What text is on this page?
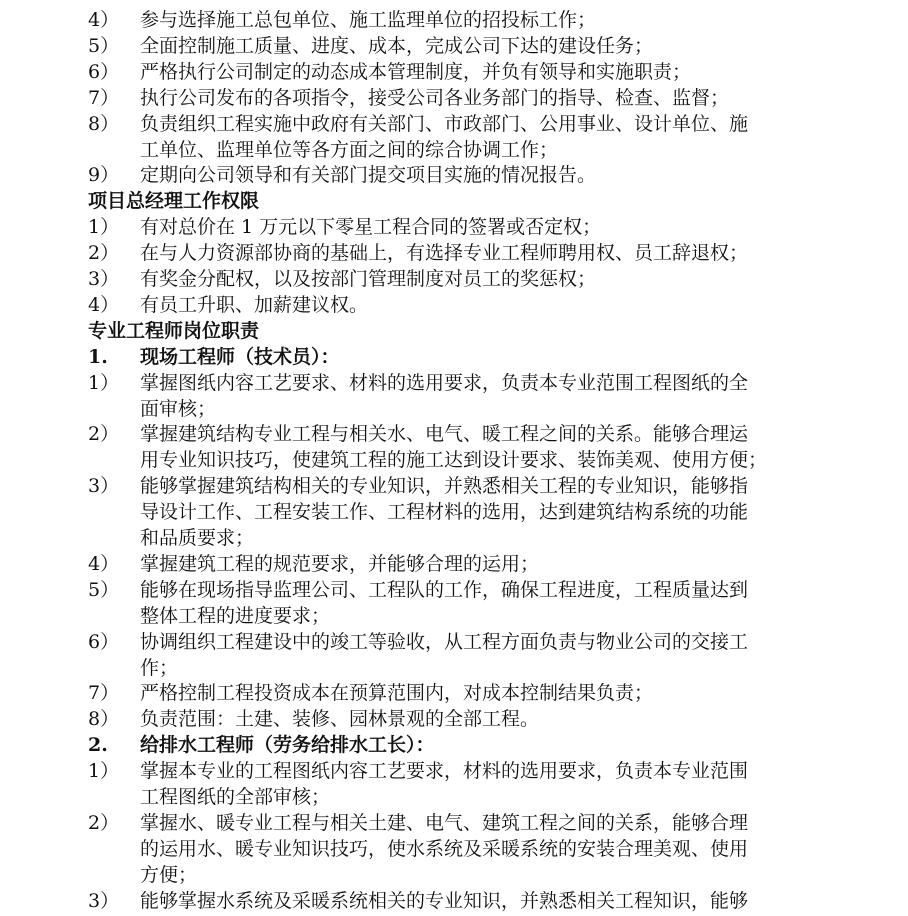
4） 参与选择施工总包单位、施工监理单位的招投标工作；
5） 全面控制施工质量、进度、成本，完成公司下达的建设任务；
6） 严格执行公司制定的动态成本管理制度，并负有领导和实施职责；
7） 执行公司发布的各项指令，接受公司各业务部门的指导、检查、监督；
8） 负责组织工程实施中政府有关部门、市政部门、公用事业、设计单位、施
工单位、监理单位等各方面之间的综合协调工作；
9） 定期向公司领导和有关部门提交项目实施的情况报告。
项目总经理工作权限
1） 有对总价在 1 万元以下零星工程合同的签署或否定权；
2） 在与人力资源部协商的基础上，有选择专业工程师聘用权、员工辞退权；
3） 有奖金分配权，以及按部门管理制度对员工的奖惩权；
4） 有员工升职、加薪建议权。
专业工程师岗位职责
1. 现场工程师（技术员）：
1） 掌握图纸内容工艺要求、材料的选用要求，负责本专业范围工程图纸的全
面审核；
2） 掌握建筑结构专业工程与相关水、电气、暖工程之间的关系。能够合理运
用专业知识技巧，使建筑工程的施工达到设计要求、装饰美观、使用方便；
3） 能够掌握建筑结构相关的专业知识，并熟悉相关工程的专业知识，能够指
导设计工作、工程安装工作、工程材料的选用，达到建筑结构系统的功能
和品质要求；
4） 掌握建筑工程的规范要求，并能够合理的运用；
5） 能够在现场指导监理公司、工程队的工作，确保工程进度，工程质量达到
整体工程的进度要求；
6） 协调组织工程建设中的竣工等验收，从工程方面负责与物业公司的交接工
作；
7） 严格控制工程投资成本在预算范围内，对成本控制结果负责；
8） 负责范围：土建、装修、园林景观的全部工程。
2. 给排水工程师（劳务给排水工长）：
1） 掌握本专业的工程图纸内容工艺要求，材料的选用要求，负责本专业范围
工程图纸的全部审核；
2） 掌握水、暖专业工程与相关土建、电气、建筑工程之间的关系，能够合理
的运用水、暖专业知识技巧，使水系统及采暖系统的安装合理美观、使用
方便；
3） 能够掌握水系统及采暖系统相关的专业知识，并熟悉相关工程知识，能够
